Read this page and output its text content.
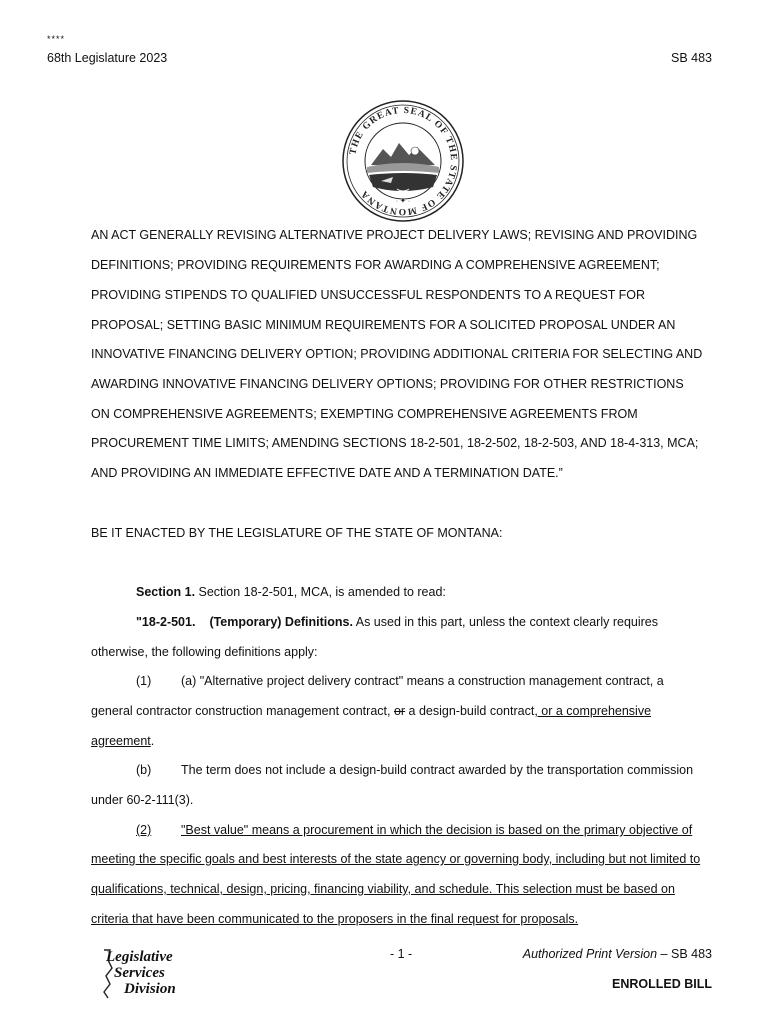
****
68th Legislature 2023	SB 483
THE GREAT SEAL OF THE STATE OF MONTANA
· ✦ ·
AN ACT GENERALLY REVISING ALTERNATIVE PROJECT DELIVERY LAWS; REVISING AND PROVIDING
DEFINITIONS; PROVIDING REQUIREMENTS FOR AWARDING A COMPREHENSIVE AGREEMENT;
PROVIDING STIPENDS TO QUALIFIED UNSUCCESSFUL RESPONDENTS TO A REQUEST FOR
PROPOSAL; SETTING BASIC MINIMUM REQUIREMENTS FOR A SOLICITED PROPOSAL UNDER AN
INNOVATIVE FINANCING DELIVERY OPTION; PROVIDING ADDITIONAL CRITERIA FOR SELECTING AND
AWARDING INNOVATIVE FINANCING DELIVERY OPTIONS; PROVIDING FOR OTHER RESTRICTIONS
ON COMPREHENSIVE AGREEMENTS; EXEMPTING COMPREHENSIVE AGREEMENTS FROM
PROCUREMENT TIME LIMITS; AMENDING SECTIONS 18-2-501, 18-2-502, 18-2-503, AND 18-4-313, MCA;
AND PROVIDING AN IMMEDIATE EFFECTIVE DATE AND A TERMINATION DATE.”
BE IT ENACTED BY THE LEGISLATURE OF THE STATE OF MONTANA:
Section 1. Section 18-2-501, MCA, is amended to read:
"18-2-501. (Temporary) Definitions. As used in this part, unless the context clearly requires
otherwise, the following definitions apply:
(1) (a) "Alternative project delivery contract" means a construction management contract, a
general contractor construction management contract, or a design-build contract, or a comprehensive
agreement.
(b) The term does not include a design-build contract awarded by the transportation commission
under 60-2-111(3).
(2) "Best value" means a procurement in which the decision is based on the primary objective of
meeting the specific goals and best interests of the state agency or governing body, including but not limited to
qualifications, technical, design, pricing, financing viability, and schedule. This selection must be based on
criteria that have been communicated to the proposers in the final request for proposals.
Legislative
Services
Division
- 1 -	Authorized Print Version – SB 483
ENROLLED BILL
